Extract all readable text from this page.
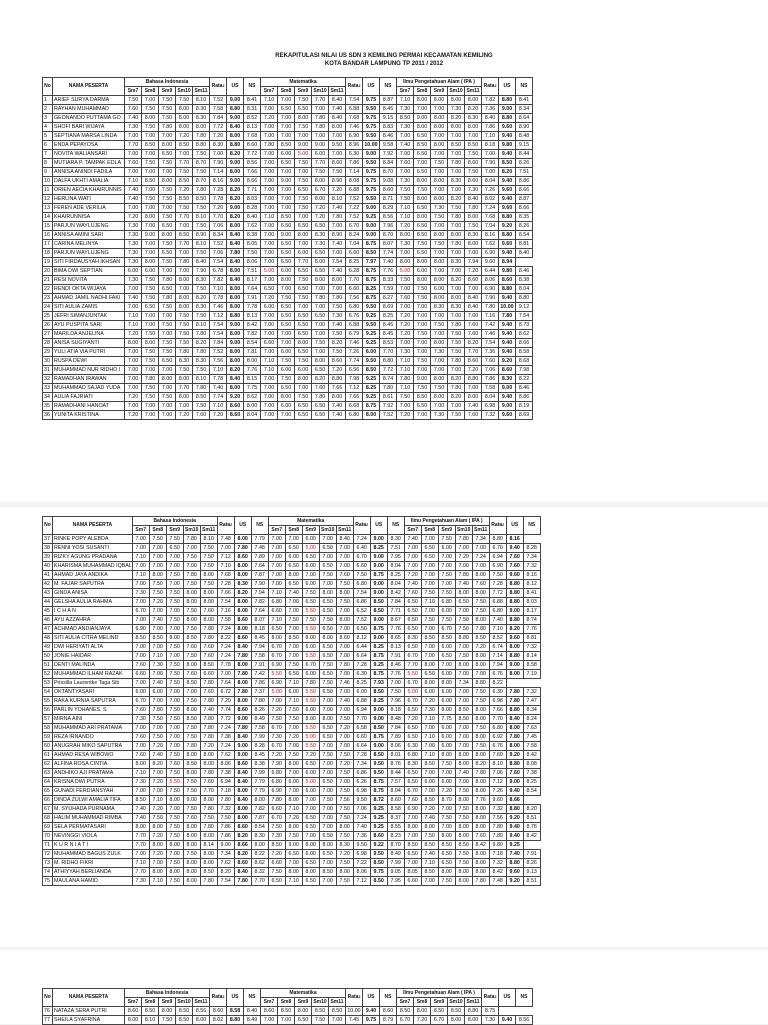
REKAPITULASI NILAI US SDN 3 KEMILING PERMAI KECAMATAN KEMILING
KOTA BANDAR LAMPUNG TP 2011 / 2012
No	NAMA PESERTA	Bahasa Indonesia					Rata$^2$	US	NS	Matematika					Rata$^2$	US	NS	Ilmu Pengetahuan Alam ( IPA )					Rata$^2$	US	NS
		Sm7	Sm8	Sm9	Sm10	Sm11				Sm7	Sm8	Sm9	Sm10	Sm11				Sm7	Sm8	Sm9	Sm10	Sm11			
1	ARIEF SURYA DARMA	7.50	7.00	7.50	7.50	8.10	7.52	9.00	8.41	7.10	7.00	7.50	7.70	8.40	7.54	9.75	8.87	7.10	8.00	8.00	8.00	8.00	7.82	8.80	8.41
2	RAYHAN MUHAMMAD	7.60	7.50	7.50	8.00	8.30	7.58	8.80	8.31	7.00	6.50	6.50	7.00	7.40	6.88	9.50	8.45	7.30	7.00	7.00	7.30	8.20	7.36	9.00	8.34
3	GEONANDO PUTTAMA GO	7.40	8.00	7.50	8.00	8.30	7.84	9.00	8.52	7.20	7.00	8.00	7.80	8.40	7.68	9.75	9.15	8.50	9.00	8.00	8.20	8.30	8.40	8.80	8.64
4	SHOFI BARI WIJAYA	7.30	7.50	7.80	8.00	8.00	7.72	8.40	8.13	7.00	7.00	7.50	7.80	8.00	7.46	9.75	8.83	7.30	8.00	8.00	8.00	8.00	7.86	9.60	8.90
5	SEPTIANA MARSA LINDA	7.00	7.00	7.00	7.20	7.80	7.20	8.00	7.68	7.00	7.00	7.00	7.00	7.00	6.90	9.50	8.46	7.00	6.50	7.00	7.00	7.00	7.10	9.40	8.48
6	ENDA PEPAYOSA	7.70	8.50	8.00	8.50	8.80	8.30	8.80	8.60	7.80	8.50	9.00	9.00	9.50	8.96	10.00	9.58	7.40	8.50	8.00	8.50	8.50	8.18	9.80	9.15
7	NOVITA WALIANSARI	7.00	7.00	6.50	7.00	7.50	7.00	8.20	7.72	7.00	6.00	5.00	6.00	7.00	6.30	9.00	7.92	7.00	6.50	7.00	7.00	7.50	7.00	9.40	8.44
8	MUTIARA P. TAMPAK EDLA	7.60	7.50	7.50	7.70	8.70	7.90	9.00	8.56	7.00	6.50	7.50	7.70	8.60	7.86	9.50	8.84	7.60	7.00	7.50	7.80	8.60	7.90	8.50	8.26
9	ANNISA ANINDI FADILA	7.00	7.00	7.00	7.50	7.50	7.14	8.00	7.66	7.00	7.00	7.00	7.50	7.50	7.14	9.75	8.70	7.00	6.50	7.00	7.00	7.50	7.00	8.20	7.51
10	DALFA UKHTI AMALIA	7.10	8.50	8.00	8.50	8.70	8.16	9.00	8.66	7.00	9.00	7.50	8.00	8.90	8.08	9.75	9.08	7.30	8.00	8.00	8.30	8.60	8.04	9.40	8.86
11	ORIEN AECIA KHAIRUNNIS	7.40	7.00	7.50	7.20	7.80	7.28	8.20	7.71	7.00	7.00	6.50	6.70	7.20	6.88	9.75	8.60	7.50	7.50	7.00	7.00	7.30	7.26	9.60	8.66
12	HERLINA WATI	7.40	7.50	7.50	8.50	8.50	7.78	8.20	8.03	7.00	7.00	7.50	8.00	8.10	7.52	9.50	8.71	7.50	8.00	8.00	8.20	8.40	8.02	9.40	8.87
13	FEREN ADE VERILIA	7.00	7.00	7.00	7.50	7.50	7.20	9.00	8.28	7.00	7.00	7.50	7.20	7.40	7.22	9.00	8.29	7.10	6.50	7.30	7.50	7.80	7.24	9.60	8.66
14	KHAIRUNNISA	7.20	8.00	7.50	7.70	8.10	7.70	8.20	8.40	7.10	8.50	7.00	7.20	7.80	7.52	9.25	8.56	7.10	8.00	7.50	7.80	8.00	7.68	8.80	8.35
15	PARJUN WAYLUJENG	7.30	7.00	6.50	7.00	7.50	7.06	8.00	7.62	7.00	6.50	6.50	6.50	7.00	6.70	9.00	7.96	7.20	6.50	7.00	7.00	7.50	7.04	9.20	8.26
16	ANNISA AMINI SARI	7.30	9.00	8.00	8.50	8.90	8.34	8.40	8.38	7.00	9.00	8.00	8.30	8.90	8.24	9.00	8.70	8.00	8.50	8.00	8.00	8.30	8.16	8.80	8.54
17	CARINA MELINYA	7.30	7.00	7.50	7.70	8.10	7.52	8.40	8.05	7.00	6.50	7.00	7.30	7.40	7.04	8.75	8.07	7.30	7.50	7.50	7.80	8.00	7.62	9.60	8.81
18	PARJUN WAYLUJENG	7.30	7.00	6.50	7.00	7.50	7.06	7.80	7.50	7.00	6.50	6.00	6.50	7.00	6.60	8.50	7.74	7.00	6.50	7.00	7.00	7.00	6.90	9.40	8.40
19	SITI FIRDAUSYAH IKHSAN	7.30	8.00	7.50	7.80	8.40	7.54	8.40	8.06	7.00	6.50	7.70	8.00	7.54	8.25	7.97	7.40	8.00	8.00	8.00	8.30	7.94	9.60	8.94	
20	BIMA DWI SEPTIAN	6.00	6.00	7.00	7.00	7.90	6.78	8.00	7.51	5.00	6.00	6.50	6.50	7.40	6.28	8.75	7.76	5.00	6.00	7.00	7.00	7.20	6.44	9.80	8.46
21	RESI NOVITA	7.30	7.50	7.80	8.00	8.30	7.82	8.40	8.17	7.00	8.00	7.50	8.00	8.00	7.70	8.75	8.33	7.50	8.00	8.00	8.20	8.60	8.06	8.60	8.38
22	RENDI OKTA WIJAYA	7.00	7.50	6.50	7.00	7.50	7.10	8.00	7.64	6.50	7.00	6.50	7.00	7.00	6.60	8.25	7.59	7.00	7.50	6.00	7.00	7.00	6.90	8.80	8.04
23	AHMAD JAMIL NADHI FAKI	7.40	7.50	7.80	8.00	8.20	7.78	8.00	7.91	7.20	7.50	7.50	7.80	7.80	7.56	8.75	8.27	7.60	7.50	8.00	8.00	8.40	7.90	9.40	8.80
24	SITI AULIA ZAMIS	7.00	6.50	7.50	8.00	8.30	7.46	8.00	7.78	6.00	6.50	7.00	7.00	7.50	6.80	9.50	8.69	7.00	7.00	8.30	8.30	8.40	7.80	10.00	9.12
25	JEFRI SIMANJUNTAK	7.10	7.00	7.00	7.50	7.50	7.12	8.80	8.13	7.00	6.50	6.50	6.50	7.30	6.76	9.25	8.25	7.20	7.00	7.00	7.00	7.60	7.16	7.80	7.54
26	AYU PUSPITA SARI	7.10	7.00	7.50	7.50	8.10	7.54	9.00	8.42	7.00	6.50	6.50	7.00	7.40	6.88	9.50	8.45	7.20	7.00	7.50	7.80	7.60	7.42	9.40	8.73
27	MARILDA ANJELINA	7.20	7.50	7.00	7.50	7.80	7.54	8.00	7.82	7.00	7.00	6.50	7.00	7.50	6.79	9.25	8.45	7.20	7.50	7.00	7.50	7.60	7.46	9.40	8.62
28	ANISA SUGIYANTI	8.00	8.00	7.50	7.50	8.20	7.84	9.00	8.54	6.60	7.00	8.00	7.50	8.20	7.46	9.25	8.53	7.00	7.00	8.00	7.50	8.20	7.54	9.40	8.66
29	YULI ATIA VIA PUTRI	7.00	7.50	7.50	7.80	7.80	7.52	8.00	7.81	7.00	6.00	6.50	7.00	7.50	7.26	6.00	7.70	7.30	7.00	7.30	7.50	7.70	7.36	9.40	8.58
30	RUSPA DEWI	7.00	7.50	6.50	8.30	8.30	7.56	8.00	8.00	7.10	7.50	7.50	8.00	8.60	7.74	9.50	8.80	7.10	7.50	7.00	7.80	8.60	7.60	9.20	8.68
31	MUHAMMAD NUR RIDHO I	7.00	7.00	7.00	7.50	7.50	7.10	8.20	7.76	7.10	6.00	6.00	6.50	7.20	6.56	8.50	7.72	7.10	7.00	7.00	7.00	7.20	7.06	8.60	7.98
32	RAMADHAN IRAWAN	7.00	7.80	8.00	8.00	8.10	7.78	8.40	8.15	7.00	7.50	8.00	8.20	8.80	7.98	9.25	8.74	7.80	9.00	8.00	8.20	8.80	7.86	8.30	8.22
33	MUHAMMAD SAJAD YUDA	7.00	7.50	7.00	7.70	7.80	7.40	8.00	7.75	7.00	6.50	7.00	7.60	7.66	7.12	8.25	7.80	7.10	7.50	7.50	7.80	7.00	7.58	9.00	8.46
34	AULIA FAJRIATI	7.20	7.50	7.50	8.00	8.50	7.74	9.20	8.62	7.00	8.00	7.50	7.80	8.00	7.66	9.25	8.61	7.50	8.50	8.00	8.20	8.00	8.04	9.40	8.86
35	RAMADHANI HANOAT	7.00	7.00	7.00	7.00	7.50	7.10	8.60	8.00	7.00	6.00	6.50	6.50	7.40	6.68	8.75	7.92	7.00	6.50	7.00	7.00	7.40	6.98	9.00	8.19
36	YUNITA KRISTINA	7.20	7.00	7.00	7.20	7.60	7.20	8.60	8.04	7.00	7.00	6.50	6.50	7.40	6.80	8.00	7.52	7.20	7.00	7.30	7.50	7.60	7.32	9.60	8.69
No	NAMA PESERTA	Bahasa Indonesia					Rata$^2$	US	NS	Matematika					Rata$^2$	US	NS	Ilmu Pengetahuan Alam ( IPA )					Rata$^2$	US	NS
		Sm7	Sm8	Sm9	Sm10	Sm11				Sm7	Sm8	Sm9	Sm10	Sm11				Sm7	Sm8	Sm9	Sm10	Sm11			
37	RINKE POPY ALEBDA	7.00	7.50	7.50	7.80	8.10	7.48	8.00	7.79	7.00	7.00	6.00	7.00	8.40	7.24	9.00	8.30	7.40	7.00	7.50	7.80	7.34	8.80	8.16	
38	RENNI YOSI SUSANTI	7.00	7.00	6.50	7.00	7.50	7.00	7.80	7.48	7.00	6.50	5.00	6.50	7.00	6.40	8.25	7.51	7.00	6.50	6.00	7.00	7.00	6.70	9.40	8.28
39	RIZKY AGUNG PRADANA	7.10	7.00	7.00	7.50	7.50	7.12	8.60	7.89	7.00	6.00	6.50	7.00	7.00	6.70	9.00	7.95	7.00	6.50	7.00	7.20	7.24	6.94	7.60	7.34
40	KHARISMA MUHAMMAD IQBAL	7.00	7.00	7.00	7.00	7.50	7.10	8.00	7.64	7.00	6.50	6.00	6.50	7.00	6.60	9.00	8.04	7.00	7.00	7.00	7.00	7.00	6.90	7.60	7.32
41	AHMAD JAYA ANDIKA	7.10	8.00	7.50	7.80	8.00	7.68	8.00	7.87	7.00	8.00	7.00	7.50	7.60	7.50	8.75	8.25	7.20	7.00	7.50	7.80	8.00	7.50	9.60	8.16
42	M. FAJAR SAPUTRA	7.00	7.50	7.00	7.50	7.50	7.28	8.30	7.90	7.00	6.50	6.00	7.00	7.50	6.80	9.00	8.04	7.40	7.00	7.00	7.40	7.60	7.28	8.80	8.12
43	GINDA ANISA	7.30	7.50	7.50	8.00	8.00	7.66	8.20	7.94	7.10	7.40	7.50	8.00	8.00	7.54	9.00	8.42	7.60	7.50	7.50	8.00	8.00	7.72	8.80	8.41
44	GELSHA AULIA RAHMA	7.00	7.20	7.50	8.00	8.00	7.54	8.00	7.82	6.80	7.00	6.50	6.50	7.50	6.86	8.50	7.84	6.50	7.10	6.80	6.50	7.50	6.88	8.80	8.03
45	I C H A N	6.70	7.00	7.00	7.50	7.60	7.16	8.00	7.64	6.60	7.00	5.50	6.50	7.00	6.52	8.50	7.71	6.50	7.00	6.00	7.00	7.50	6.80	9.00	8.17
46	AYU AZZAHRA	7.00	7.40	7.50	8.00	8.00	7.58	8.60	8.07	7.10	7.50	7.50	7.50	8.00	7.52	9.00	8.67	6.50	7.50	7.50	7.50	8.00	7.40	8.80	8.74
47	ACHMAD ANDIANJAYA	6.90	7.00	7.00	7.50	7.80	7.24	8.00	8.18	6.50	7.00	5.50	6.50	7.00	6.50	8.75	7.76	6.50	7.00	6.70	7.50	7.80	7.10	8.20	7.76
48	SITI AULIA CITRA MELIND	8.50	8.50	8.00	8.50	7.80	8.22	8.60	8.45	8.00	8.50	8.00	8.00	8.60	8.12	9.00	8.65	8.30	8.50	8.50	8.80	8.50	8.52	9.60	8.81
49	DWI HERIYATI ALTA	7.00	7.00	7.50	7.60	7.60	7.24	8.40	7.94	6.70	7.00	6.00	6.50	7.00	6.44	8.25	8.13	6.50	7.00	6.00	7.00	7.20	6.74	8.00	7.32
50	JONIE HAIDAR	7.00	7.10	7.00	7.50	7.60	7.24	7.80	7.58	6.70	7.00	5.50	6.50	7.00	6.64	8.75	7.91	6.70	7.00	6.50	7.50	8.00	7.14	8.80	8.14
51	DENTI MALINDA	7.60	7.30	7.50	8.00	8.50	7.78	8.00	7.91	6.90	7.50	6.70	7.50	7.80	7.28	9.25	8.46	7.70	8.00	7.00	8.00	8.00	7.94	9.00	8.58
52	MUHAMMAD ILHAM RAZAK	6.60	7.00	7.50	7.60	6.60	7.00	7.80	7.42	5.50	6.50	6.00	6.50	7.00	6.30	8.75	7.76	5.50	6.50	6.00	7.00	7.00	6.76	8.00	7.19
53	Prissilla Laurentke Taga Sib	7.00	7.40	7.50	8.50	7.80	7.64	8.00	7.86	6.90	7.10	7.80	7.50	7.46	8.25	7.93	7.00	6.70	8.00	8.00	7.34	8.80	8.22		
54	OKTANTYASARI	6.00	6.00	7.00	7.00	7.60	6.72	7.80	7.37	5.00	6.00	5.50	6.50	7.00	6.00	8.50	7.50	5.00	6.00	6.00	7.00	7.50	6.30	7.80	7.32
55	RAKA KURNIA SAPUTRA	6.70	7.00	7.00	7.50	7.80	7.20	8.00	7.80	7.00	7.10	5.50	7.00	7.40	6.88	8.25	7.96	6.70	7.20	6.00	7.00	7.50	6.98	7.80	7.47
56	PARLIN YOHANES. S	7.60	7.80	7.50	8.00	7.40	7.74	8.60	8.26	7.20	7.50	6.00	7.00	7.00	6.94	9.00	8.18	6.50	7.30	8.00	8.50	8.00	7.66	8.80	8.34
57	MIRNA AINI	7.30	7.50	7.50	8.50	7.80	7.72	9.00	8.49	7.50	7.50	8.00	8.00	7.50	7.70	9.00	8.48	7.20	7.10	7.75	8.50	8.00	7.70	8.40	8.24
58	MUHAMMAD ARI PRATAMA	7.00	7.00	7.00	7.50	7.80	7.24	7.80	7.58	6.70	7.00	5.50	6.50	7.20	6.58	8.50	7.84	6.50	7.00	6.00	7.00	7.50	6.80	8.00	7.63
59	REZA IRNANDO	7.60	7.50	7.00	7.50	7.80	7.38	8.40	7.99	7.30	7.20	5.00	6.50	7.00	6.60	8.75	7.89	6.50	7.10	6.00	7.00	8.00	6.92	7.80	7.45
60	ANUGRAH MIKO SAPUTRA	7.00	7.20	7.00	7.80	7.20	7.24	9.00	8.28	6.70	7.00	5.50	7.00	7.00	6.64	9.00	8.06	6.30	7.00	6.00	7.00	7.50	6.76	8.00	7.58
61	AHMAD RESA WIBOWO	7.60	7.40	7.50	8.00	8.00	7.62	9.00	8.45	7.20	7.50	7.20	7.50	7.50	7.28	8.50	8.01	6.80	7.10	8.00	8.00	8.00	7.60	9.20	8.42
62	ALFINA ROSA CINTIA	8.00	8.20	7.60	8.50	8.00	8.06	8.60	8.38	7.90	8.00	6.50	7.00	7.20	7.34	9.50	8.76	8.30	8.50	7.50	8.00	8.20	8.10	8.80	8.08
63	ANDHIKO AJI PRATAMA	7.10	7.00	7.50	8.00	7.80	7.38	8.40	7.99	6.80	7.00	6.00	7.00	7.50	6.86	9.50	8.44	6.50	7.00	7.00	7.40	7.80	7.06	7.60	7.38
64	KRISNA DWI PUTRA	7.30	7.20	5.50	7.50	7.60	6.94	8.40	7.79	6.80	6.00	5.00	6.50	7.00	6.26	8.75	7.57	6.50	6.00	6.00	7.00	8.00	7.12	9.00	8.25
65	GUNADI FERDIANSYAH	7.00	7.00	7.50	7.50	7.70	7.18	8.00	7.79	6.90	7.00	6.00	7.00	7.50	6.98	8.75	8.04	6.70	7.00	7.20	7.50	8.00	7.26	9.40	8.54
66	DINDA ZULWI AMALIA TIFA	8.50	7.10	8.00	9.00	8.00	7.80	8.40	8.00	7.80	8.00	7.00	7.50	7.56	9.50	8.72	8.60	7.60	8.50	8.70	8.00	7.76	9.60	8.66	
67	M. SYUHADA PURNAMA	7.40	7.20	7.00	7.50	7.80	7.32	8.00	7.82	6.60	7.10	7.00	7.00	7.50	7.06	9.25	8.58	6.90	7.20	7.00	7.50	8.00	7.32	8.80	8.20
68	HALIM MUHAMMAD RIMBA	7.40	7.50	7.50	7.60	7.50	7.50	8.00	7.87	6.70	7.20	6.50	7.00	7.50	7.24	9.25	8.37	7.00	7.40	7.50	7.50	8.00	7.56	9.20	8.51
69	SELA PERMATASARI	8.00	8.00	7.50	8.00	7.80	7.86	8.60	8.54	7.50	8.00	6.50	7.00	8.00	7.40	9.25	8.55	8.00	8.00	7.00	8.00	8.00	7.80	9.40	8.76
70	NEVINGGI VIOLA	7.70	7.20	7.50	8.00	8.00	7.86	8.20	8.30	7.30	7.50	7.00	6.50	7.50	7.36	8.60	8.23	7.00	7.50	8.00	8.00	7.60	7.80	9.40	8.42
71	K U R N I A T I	7.70	8.00	8.00	8.00	8.14	9.00	8.66	8.00	8.50	9.00	8.00	8.00	8.30	9.50	9.22	8.70	8.50	8.50	8.50	8.50	8.42	9.80	9.25	
72	MUHAMMAD BAGUS ZULK	7.00	7.20	7.00	7.50	8.00	7.34	8.20	8.22	7.20	6.50	6.00	6.50	7.20	6.98	9.50	8.49	6.50	7.40	6.50	7.50	8.00	7.18	7.40	7.91
73	M. RIDHO FIKRI	7.10	7.00	7.50	8.00	8.00	7.62	8.60	8.62	6.60	7.00	6.50	7.00	7.50	7.22	8.50	7.99	7.00	7.10	6.50	7.50	8.00	7.32	8.80	8.26
74	ATHIYYAH BERLIANDA	7.70	8.00	8.00	8.00	8.50	8.20	8.40	8.32	7.50	8.00	8.00	8.50	8.00	8.06	9.75	9.05	8.05	8.50	8.00	8.00	8.00	8.42	9.60	9.13
75	MAULANA HAMID	7.30	7.10	7.50	8.00	7.80	7.54	7.80	7.70	6.50	7.10	6.50	7.00	7.50	7.12	8.50	7.95	6.60	7.00	7.50	8.00	7.80	7.48	9.20	8.51
No	NAMA PESERTA	Bahasa Indonesia					Rata$^2$	US	NS	Matematika					Rata$^2$	US	NS	Ilmu Pengetahuan Alam ( IPA )					Rata$^2$	US	NS
		Sm7	Sm8	Sm9	Sm10	Sm11				Sm7	Sm8	Sm9	Sm10	Sm11				Sm7	Sm8	Sm9	Sm10	Sm11			
76	NATAZA SERA PUTRI	8.60	8.50	8.00	8.50	8.56	8.60	8.58	8.40	8.60	8.50	8.00	8.50	8.50	10.00	9.40	8.60	8.50	8.00	8.50	8.50	8.80	8.75		
77	SHEILA SYAFRINA	8.00	8.10	7.50	8.50	8.00	8.02	8.80	8.49	7.00	7.00	6.50	7.50	7.00	7.45	9.75	8.79	6.70	7.20	6.70	8.00	8.00	7.30	9.40	8.56
